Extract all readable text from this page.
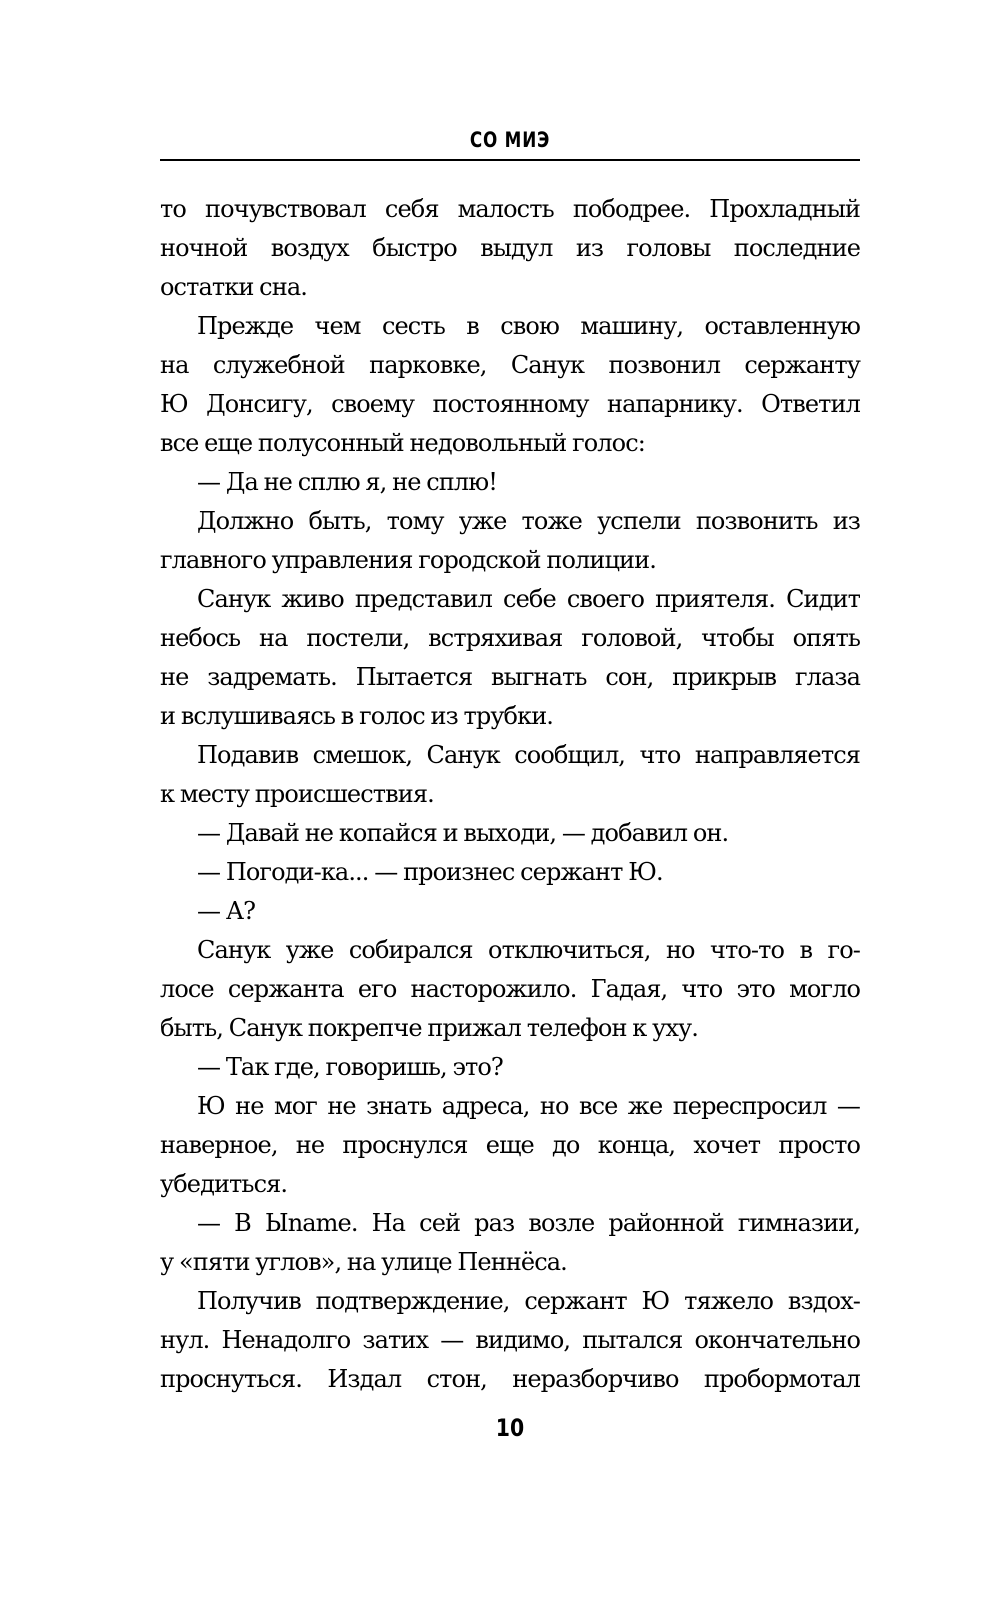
СО МИЭ
то почувствовал себя малость пободрее. Прохладный
ночной воздух быстро выдул из головы последние
остатки сна.
Прежде чем сесть в свою машину, оставленную
на служебной парковке, Санук позвонил сержанту
Ю Донсигу, своему постоянному напарнику. Ответил
все еще полусонный недовольный голос:
— Да не сплю я, не сплю!
Должно быть, тому уже тоже успели позвонить из
главного управления городской полиции.
Санук живо представил себе своего приятеля. Сидит
небось на постели, встряхивая головой, чтобы опять
не задремать. Пытается выгнать сон, прикрыв глаза
и вслушиваясь в голос из трубки.
Подавив смешок, Санук сообщил, что направляется
к месту происшествия.
— Давай не копайся и выходи, — добавил он.
— Погоди-ка... — произнес сержант Ю.
— А?
Санук уже собирался отключиться, но что-то в го-
лосе сержанта его насторожило. Гадая, что это могло
быть, Санук покрепче прижал телефон к уху.
— Так где, говоришь, это?
Ю не мог не знать адреса, но все же переспросил —
наверное, не проснулся еще до конца, хочет просто
убедиться.
— В Ыname. На сей раз возле районной гимназии,
у «пяти углов», на улице Пеннёса.
Получив подтверждение, сержант Ю тяжело вздох-
нул. Ненадолго затих — видимо, пытался окончательно
проснуться. Издал стон, неразборчиво пробормотал
10
